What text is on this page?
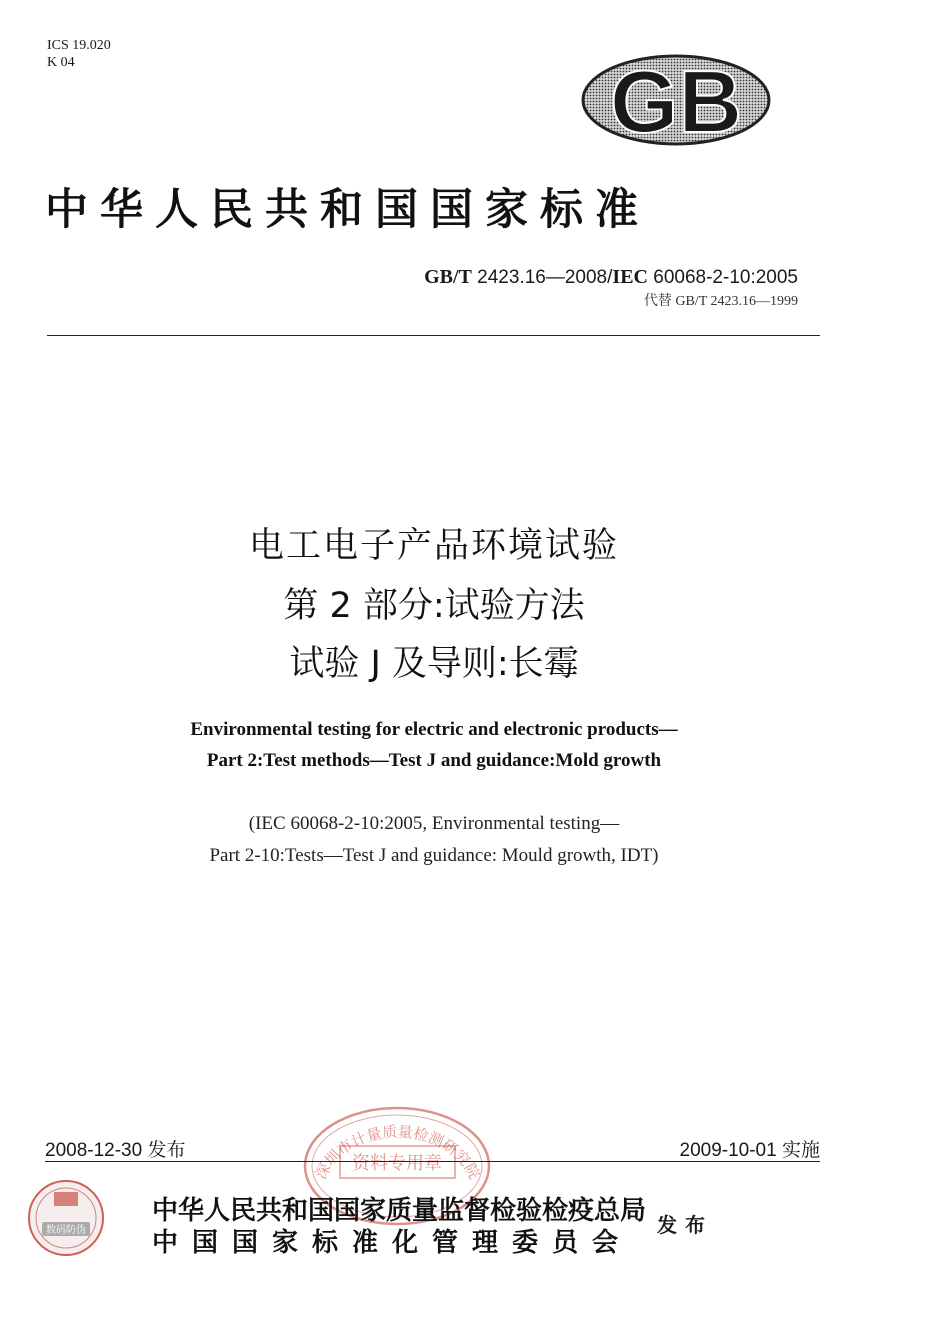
ICS 19.020
K 04	GB
中华人民共和国国家标准
GB/T 2423.16—2008/IEC 60068-2-10:2005
代替 GB/T 2423.16—1999
电工电子产品环境试验
第 2 部分:试验方法
试验 J 及导则:长霉
Environmental testing for electric and electronic products—
Part 2:Test methods—Test J and guidance:Mold growth
(IEC 60068-2-10:2005, Environmental testing—
Part 2-10:Tests—Test J and guidance: Mould growth, IDT)
深圳市计量质量检测研究院
资料专用章
2008-12-30 发布	2009-10-01 实施
数码防伪
中华人民共和国国家质量监督检验检疫总局
中国国家标准化管理委员会
发布
